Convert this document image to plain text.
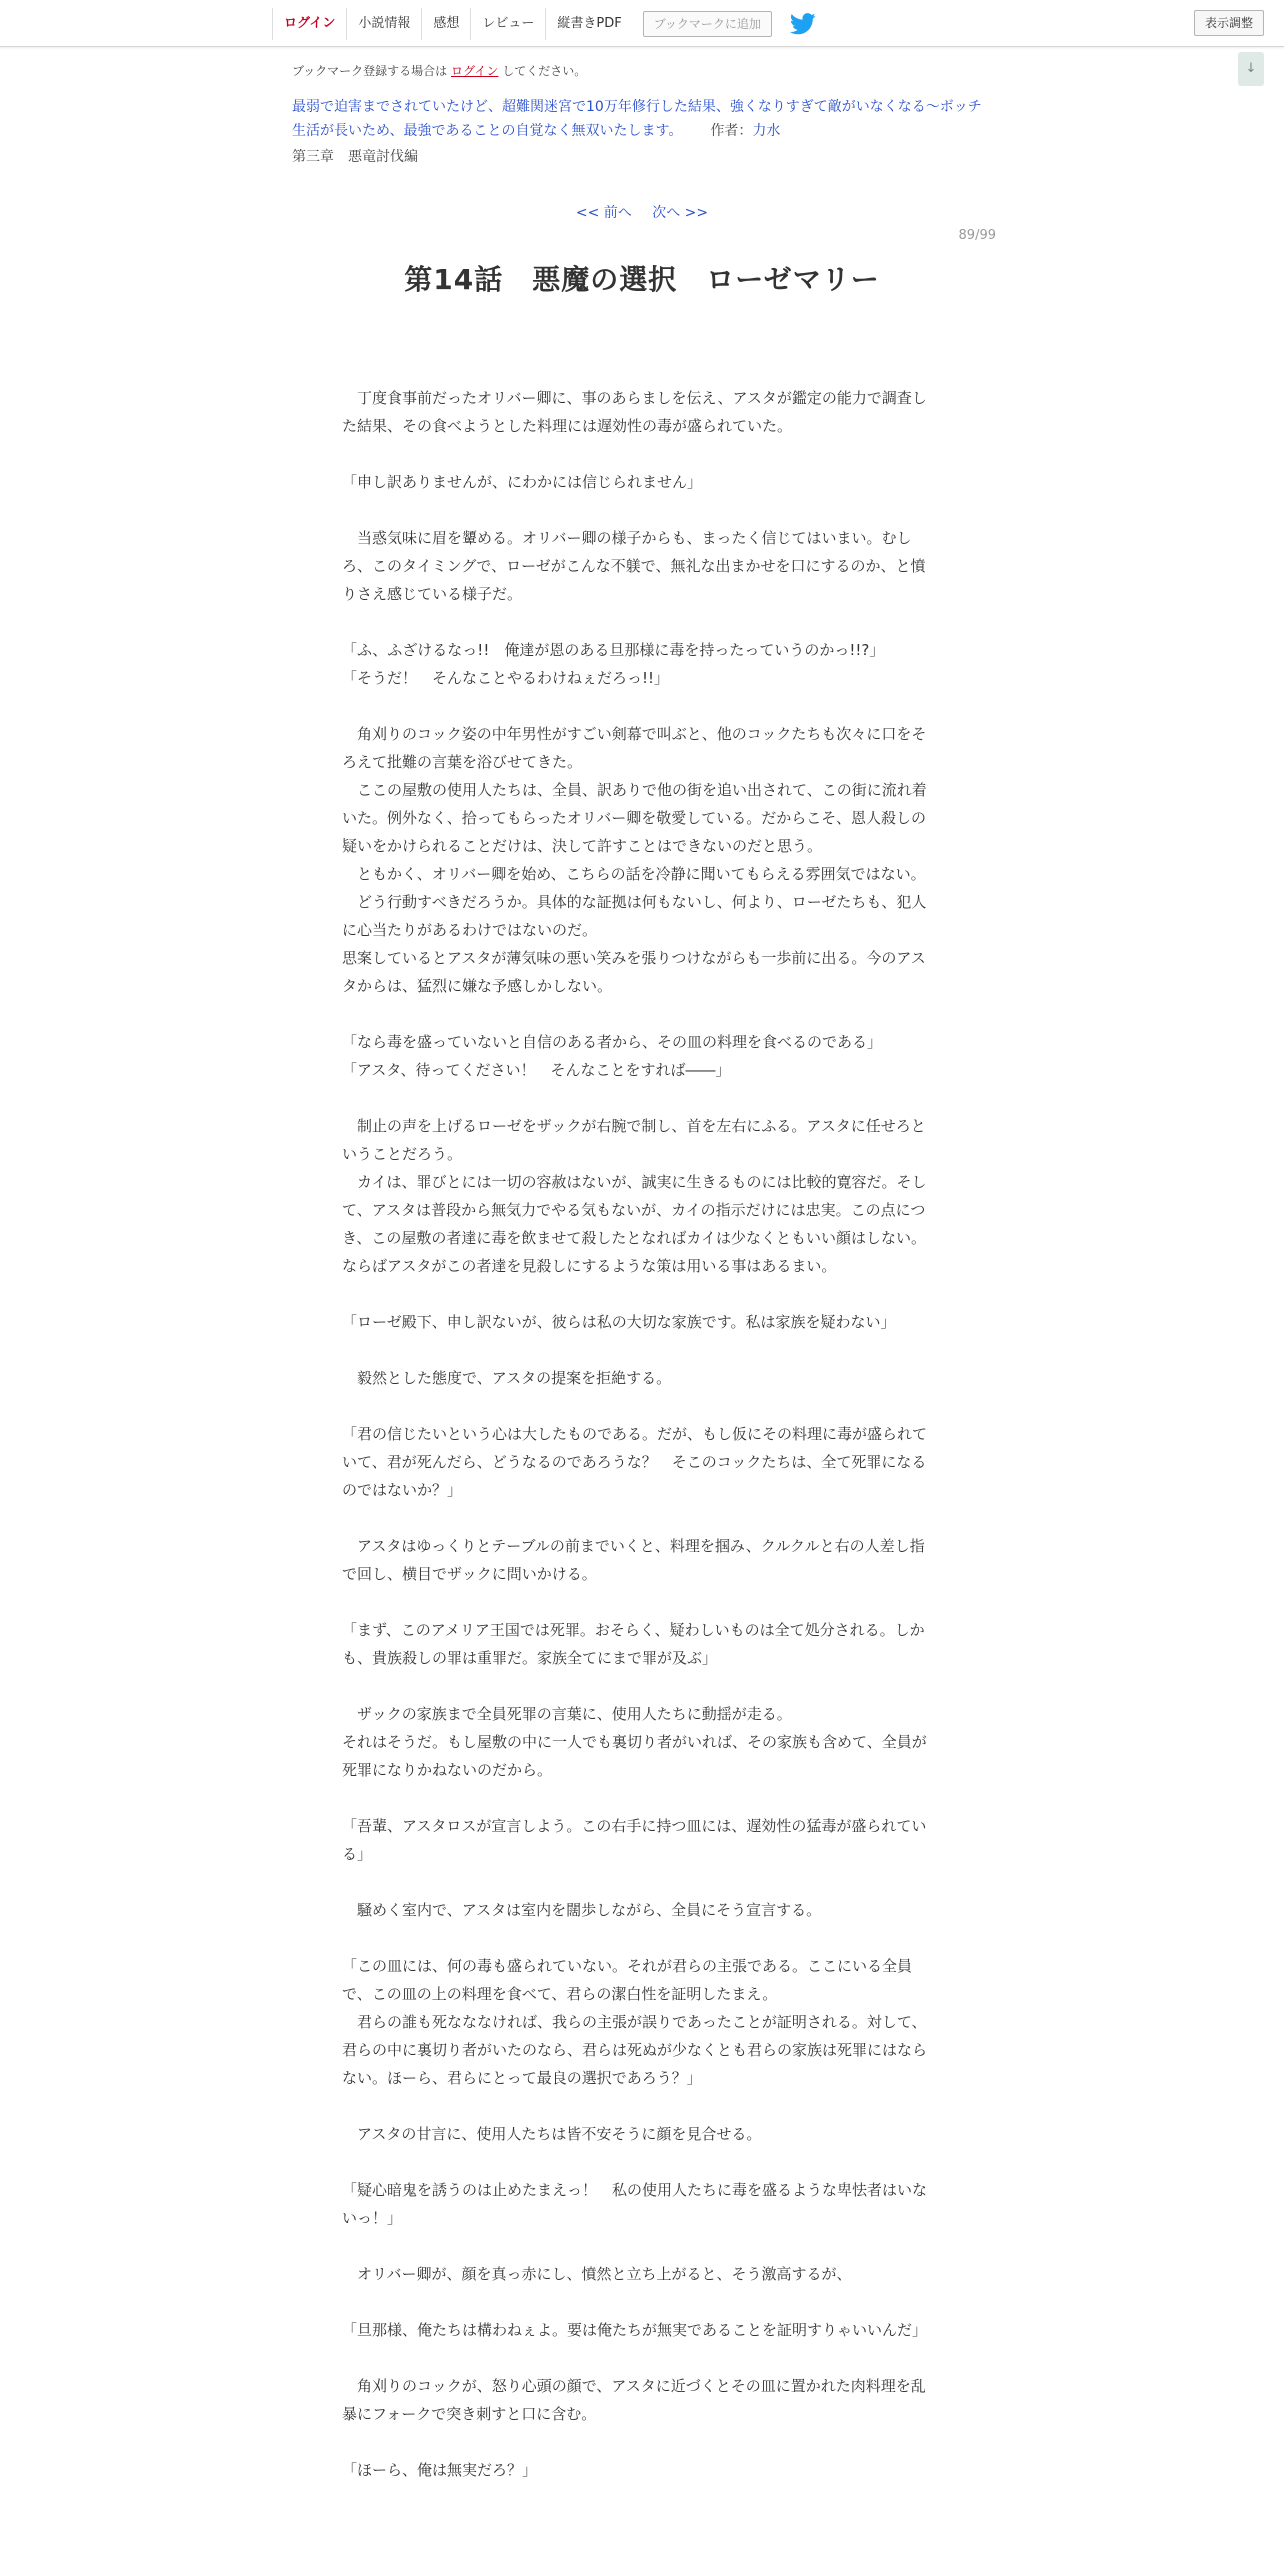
ログイン	小説情報	感想	レビュー	縦書きPDF	ブックマークに追加	表示調整
↓
ブックマーク登録する場合は ログイン してください。
最弱で迫害までされていたけど、超難関迷宮で10万年修行した結果、強くなりすぎて敵がいなくなる～ボッチ生活が長いため、最強であることの自覚なく無双いたします。 作者：力水
第三章　悪竜討伐編
<< 前へ 次へ >>
89/99
第14話　悪魔の選択　ローゼマリー

　丁度食事前だったオリバー卿に、事のあらましを伝え、アスタが鑑定の能力で調査した結果、その食べようとした料理には遅効性の毒が盛られていた。

「申し訳ありませんが、にわかには信じられません」

　当惑気味に眉を顰める。オリバー卿の様子からも、まったく信じてはいまい。むしろ、このタイミングで、ローゼがこんな不躾で、無礼な出まかせを口にするのか、と憤りさえ感じている様子だ。

「ふ、ふざけるなっ!!　俺達が恩のある旦那様に毒を持ったっていうのかっ!!?」

「そうだ！　そんなことやるわけねぇだろっ!!」

　角刈りのコック姿の中年男性がすごい剣幕で叫ぶと、他のコックたちも次々に口をそろえて批難の言葉を浴びせてきた。

　ここの屋敷の使用人たちは、全員、訳ありで他の街を追い出されて、この街に流れ着いた。例外なく、拾ってもらったオリバー卿を敬愛している。だからこそ、恩人殺しの疑いをかけられることだけは、決して許すことはできないのだと思う。

　ともかく、オリバー卿を始め、こちらの話を冷静に聞いてもらえる雰囲気ではない。

　どう行動すべきだろうか。具体的な証拠は何もないし、何より、ローゼたちも、犯人に心当たりがあるわけではないのだ。

思案しているとアスタが薄気味の悪い笑みを張りつけながらも一歩前に出る。今のアスタからは、猛烈に嫌な予感しかしない。

「なら毒を盛っていないと自信のある者から、その皿の料理を食べるのである」

「アスタ、待ってください！　そんなことをすれば――」

　制止の声を上げるローゼをザックが右腕で制し、首を左右にふる。アスタに任せろということだろう。

　カイは、罪びとには一切の容赦はないが、誠実に生きるものには比較的寛容だ。そして、アスタは普段から無気力でやる気もないが、カイの指示だけには忠実。この点につき、この屋敷の者達に毒を飲ませて殺したとなればカイは少なくともいい顔はしない。ならばアスタがこの者達を見殺しにするような策は用いる事はあるまい。

「ローゼ殿下、申し訳ないが、彼らは私の大切な家族です。私は家族を疑わない」

　毅然とした態度で、アスタの提案を拒絶する。

「君の信じたいという心は大したものである。だが、もし仮にその料理に毒が盛られていて、君が死んだら、どうなるのであろうな？　そこのコックたちは、全て死罪になるのではないか？」

　アスタはゆっくりとテーブルの前までいくと、料理を掴み、クルクルと右の人差し指で回し、横目でザックに問いかける。

「まず、このアメリア王国では死罪。おそらく、疑わしいものは全て処分される。しかも、貴族殺しの罪は重罪だ。家族全てにまで罪が及ぶ」

　ザックの家族まで全員死罪の言葉に、使用人たちに動揺が走る。

それはそうだ。もし屋敷の中に一人でも裏切り者がいれば、その家族も含めて、全員が死罪になりかねないのだから。

「吾輩、アスタロスが宣言しよう。この右手に持つ皿には、遅効性の猛毒が盛られている」

　騒めく室内で、アスタは室内を闊歩しながら、全員にそう宣言する。

「この皿には、何の毒も盛られていない。それが君らの主張である。ここにいる全員で、この皿の上の料理を食べて、君らの潔白性を証明したまえ。

　君らの誰も死なななければ、我らの主張が誤りであったことが証明される。対して、君らの中に裏切り者がいたのなら、君らは死ぬが少なくとも君らの家族は死罪にはならない。ほーら、君らにとって最良の選択であろう？」

　アスタの甘言に、使用人たちは皆不安そうに顔を見合せる。

「疑心暗鬼を誘うのは止めたまえっ！　私の使用人たちに毒を盛るような卑怯者はいないっ！」

　オリバー卿が、顔を真っ赤にし、憤然と立ち上がると、そう激高するが、

「旦那様、俺たちは構わねぇよ。要は俺たちが無実であることを証明すりゃいいんだ」

　角刈りのコックが、怒り心頭の顔で、アスタに近づくとその皿に置かれた肉料理を乱暴にフォークで突き刺すと口に含む。

「ほーら、俺は無実だろ？」
